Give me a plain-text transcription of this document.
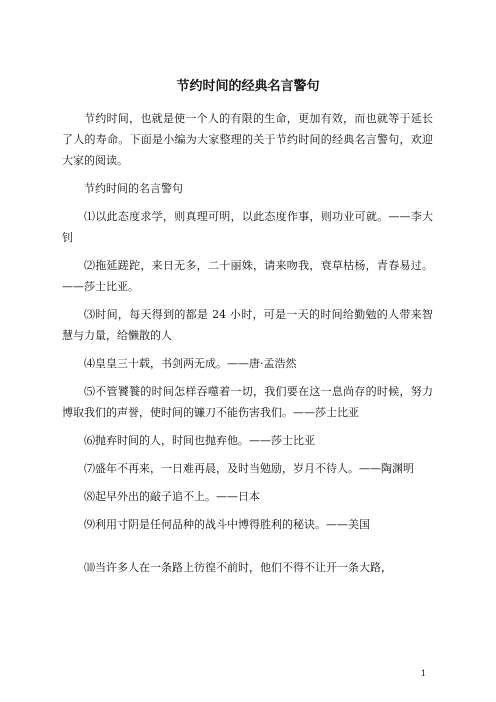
节约时间的经典名言警句

节约时间，也就是使一个人的有限的生命，更加有效，而也就等于延长了人的寿命。下面是小编为大家整理的关于节约时间的经典名言警句，欢迎大家的阅读。

节约时间的名言警句

⑴以此态度求学，则真理可明，以此态度作事，则功业可就。——李大钊

⑵拖延蹉跎，来日无多，二十丽姝，请来吻我，衰草枯杨，青春易过。——莎士比亚。

⑶时间，每天得到的都是 24 小时，可是一天的时间给勤勉的人带来智慧与力量，给懒散的人

⑷皇皇三十载，书剑两无成。——唐·孟浩然

⑸不管饕餮的时间怎样吞噬着一切，我们要在这一息尚存的时候，努力博取我们的声誉，使时间的镰刀不能伤害我们。——莎士比亚

⑹抛弃时间的人，时间也抛弃他。——莎士比亚

⑺盛年不再来，一日难再晨，及时当勉励，岁月不待人。——陶渊明

⑻起早外出的敲子追不上。——日本

⑼利用寸阴是任何品种的战斗中博得胜利的秘诀。——美国

⑽当许多人在一条路上彷徨不前时，他们不得不让开一条大路，

1
